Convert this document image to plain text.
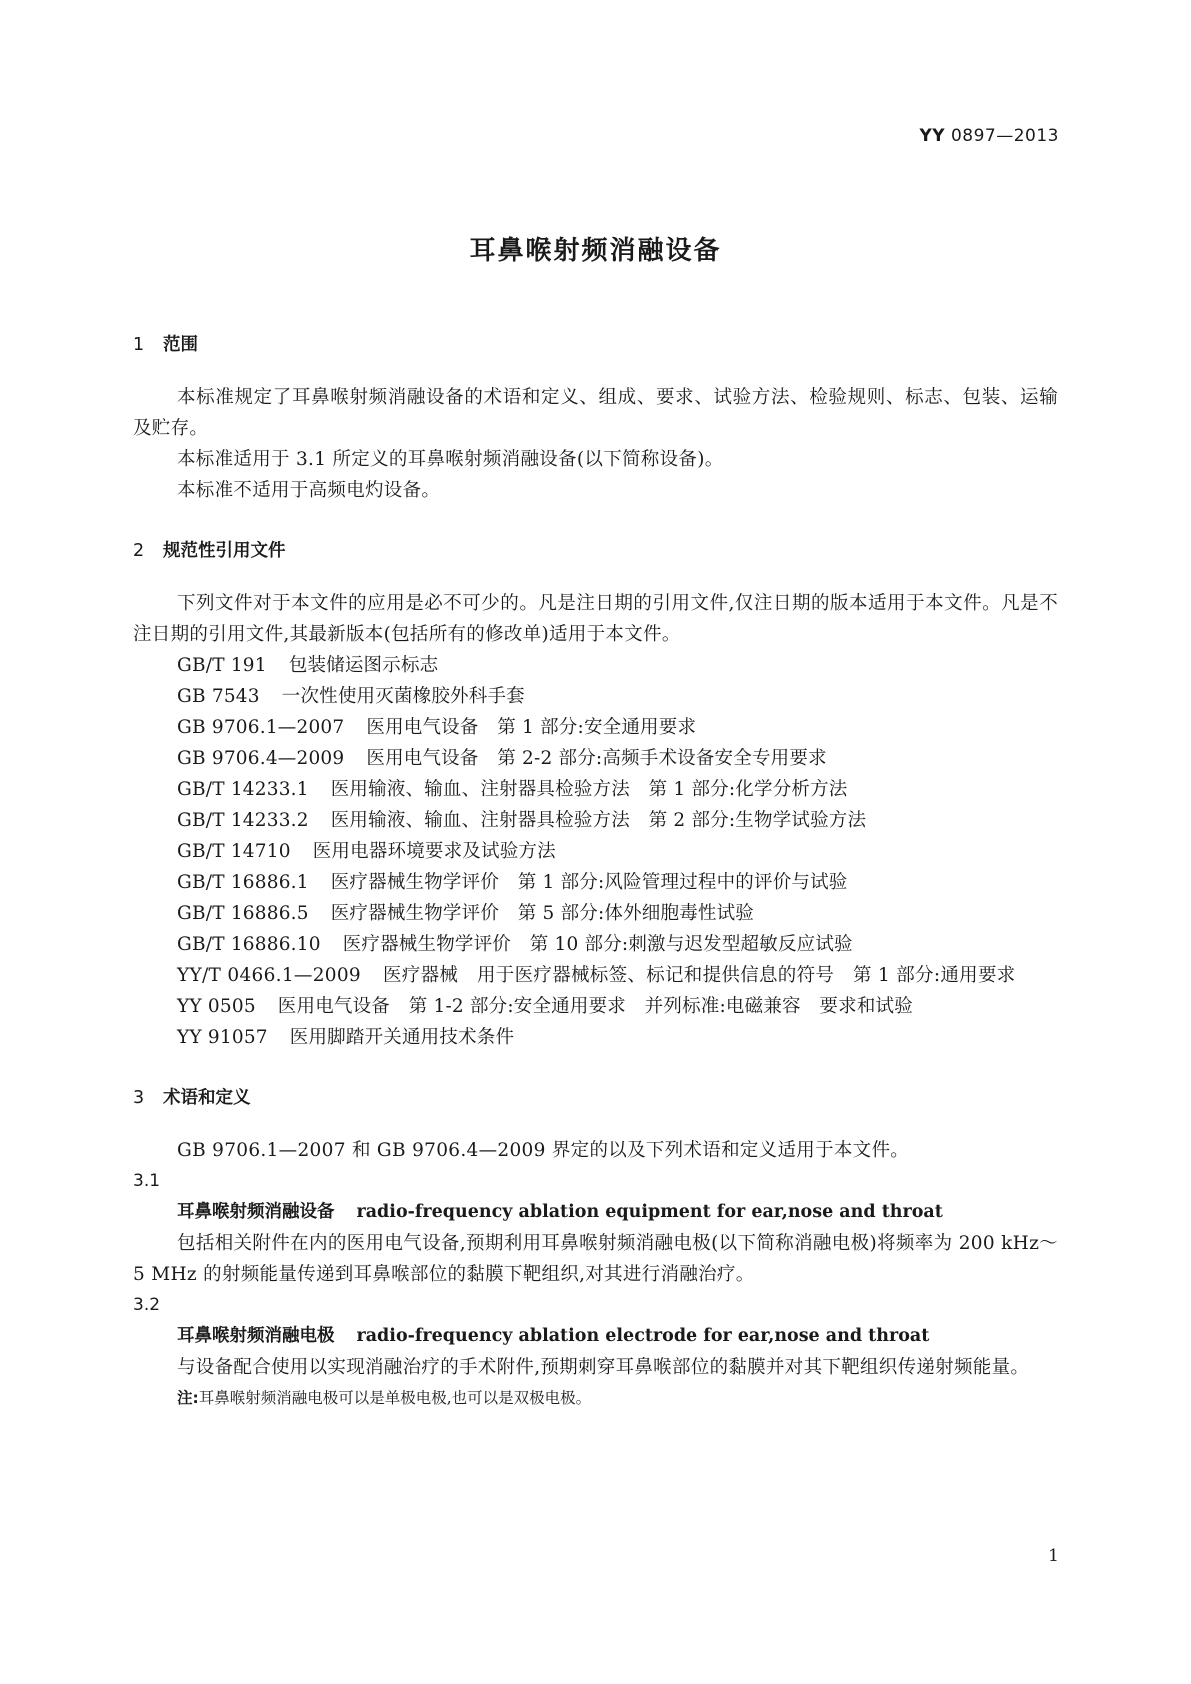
YY 0897—2013
耳鼻喉射频消融设备
1 范围
本标准规定了耳鼻喉射频消融设备的术语和定义、组成、要求、试验方法、检验规则、标志、包装、运输及贮存。
本标准适用于 3.1 所定义的耳鼻喉射频消融设备(以下简称设备)。
本标准不适用于高频电灼设备。
2 规范性引用文件
下列文件对于本文件的应用是必不可少的。凡是注日期的引用文件,仅注日期的版本适用于本文件。凡是不注日期的引用文件,其最新版本(包括所有的修改单)适用于本文件。
GB/T 191 包装储运图示标志
GB 7543 一次性使用灭菌橡胶外科手套
GB 9706.1—2007 医用电气设备　第 1 部分:安全通用要求
GB 9706.4—2009 医用电气设备　第 2-2 部分:高频手术设备安全专用要求
GB/T 14233.1 医用输液、输血、注射器具检验方法　第 1 部分:化学分析方法
GB/T 14233.2 医用输液、输血、注射器具检验方法　第 2 部分:生物学试验方法
GB/T 14710 医用电器环境要求及试验方法
GB/T 16886.1 医疗器械生物学评价　第 1 部分:风险管理过程中的评价与试验
GB/T 16886.5 医疗器械生物学评价　第 5 部分:体外细胞毒性试验
GB/T 16886.10 医疗器械生物学评价　第 10 部分:刺激与迟发型超敏反应试验
YY/T 0466.1—2009 医疗器械　用于医疗器械标签、标记和提供信息的符号　第 1 部分:通用要求
YY 0505 医用电气设备　第 1-2 部分:安全通用要求　并列标准:电磁兼容　要求和试验
YY 91057 医用脚踏开关通用技术条件
3 术语和定义
GB 9706.1—2007 和 GB 9706.4—2009 界定的以及下列术语和定义适用于本文件。
3.1
耳鼻喉射频消融设备 radio-frequency ablation equipment for ear,nose and throat
包括相关附件在内的医用电气设备,预期利用耳鼻喉射频消融电极(以下简称消融电极)将频率为 200 kHz～5 MHz 的射频能量传递到耳鼻喉部位的黏膜下靶组织,对其进行消融治疗。
3.2
耳鼻喉射频消融电极 radio-frequency ablation electrode for ear,nose and throat
与设备配合使用以实现消融治疗的手术附件,预期刺穿耳鼻喉部位的黏膜并对其下靶组织传递射频能量。
注:耳鼻喉射频消融电极可以是单极电极,也可以是双极电极。
1
